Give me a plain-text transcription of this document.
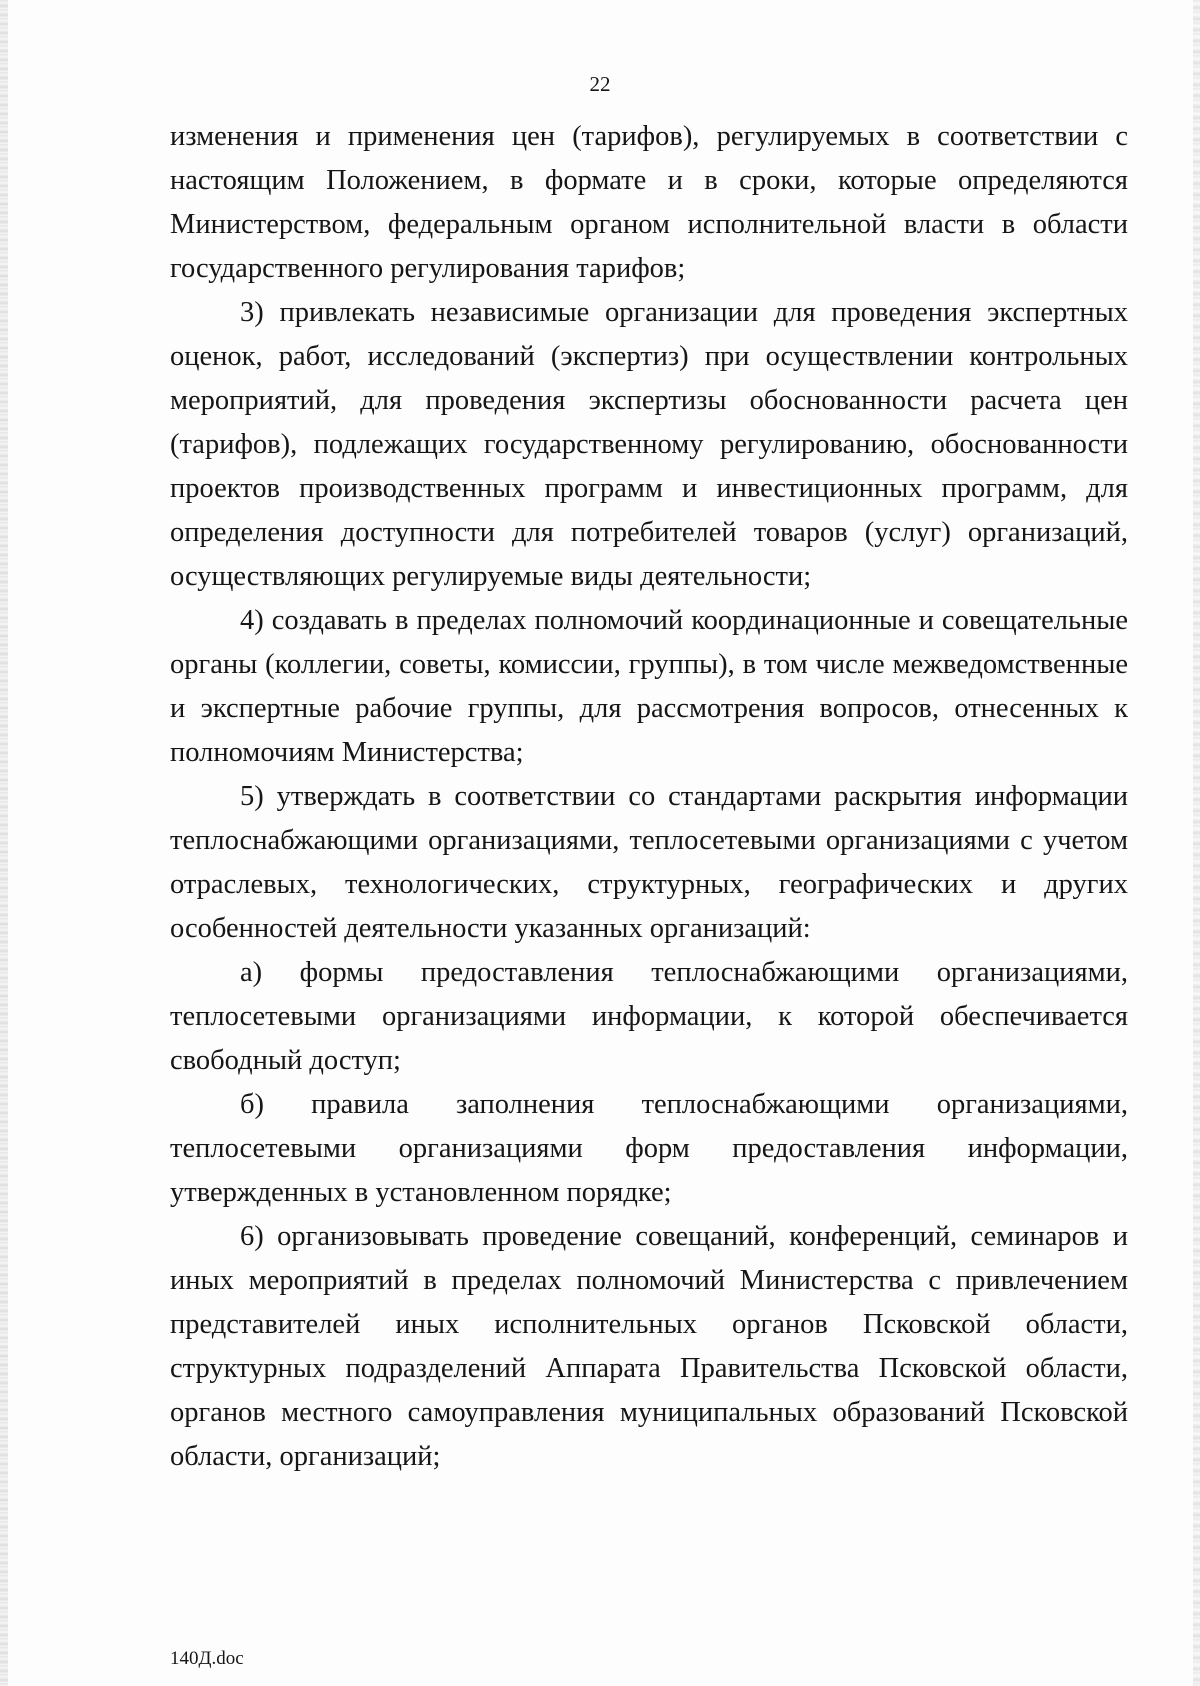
22

изменения и применения цен (тарифов), регулируемых в соответствии с настоящим Положением, в формате и в сроки, которые определяются Министерством, федеральным органом исполнительной власти в области государственного регулирования тарифов;

3) привлекать независимые организации для проведения экспертных оценок, работ, исследований (экспертиз) при осуществлении контрольных мероприятий, для проведения экспертизы обоснованности расчета цен (тарифов), подлежащих государственному регулированию, обоснованности проектов производственных программ и инвестиционных программ, для определения доступности для потребителей товаров (услуг) организаций, осуществляющих регулируемые виды деятельности;

4) создавать в пределах полномочий координационные и совещательные органы (коллегии, советы, комиссии, группы), в том числе межведомственные и экспертные рабочие группы, для рассмотрения вопросов, отнесенных к полномочиям Министерства;

5) утверждать в соответствии со стандартами раскрытия информации теплоснабжающими организациями, теплосетевыми организациями с учетом отраслевых, технологических, структурных, географических и других особенностей деятельности указанных организаций:

а) формы предоставления теплоснабжающими организациями, теплосетевыми организациями информации, к которой обеспечивается свободный доступ;

б) правила заполнения теплоснабжающими организациями, теплосетевыми организациями форм предоставления информации, утвержденных в установленном порядке;

6) организовывать проведение совещаний, конференций, семинаров и иных мероприятий в пределах полномочий Министерства с привлечением представителей иных исполнительных органов Псковской области, структурных подразделений Аппарата Правительства Псковской области, органов местного самоуправления муниципальных образований Псковской области, организаций;

140Д.doc
